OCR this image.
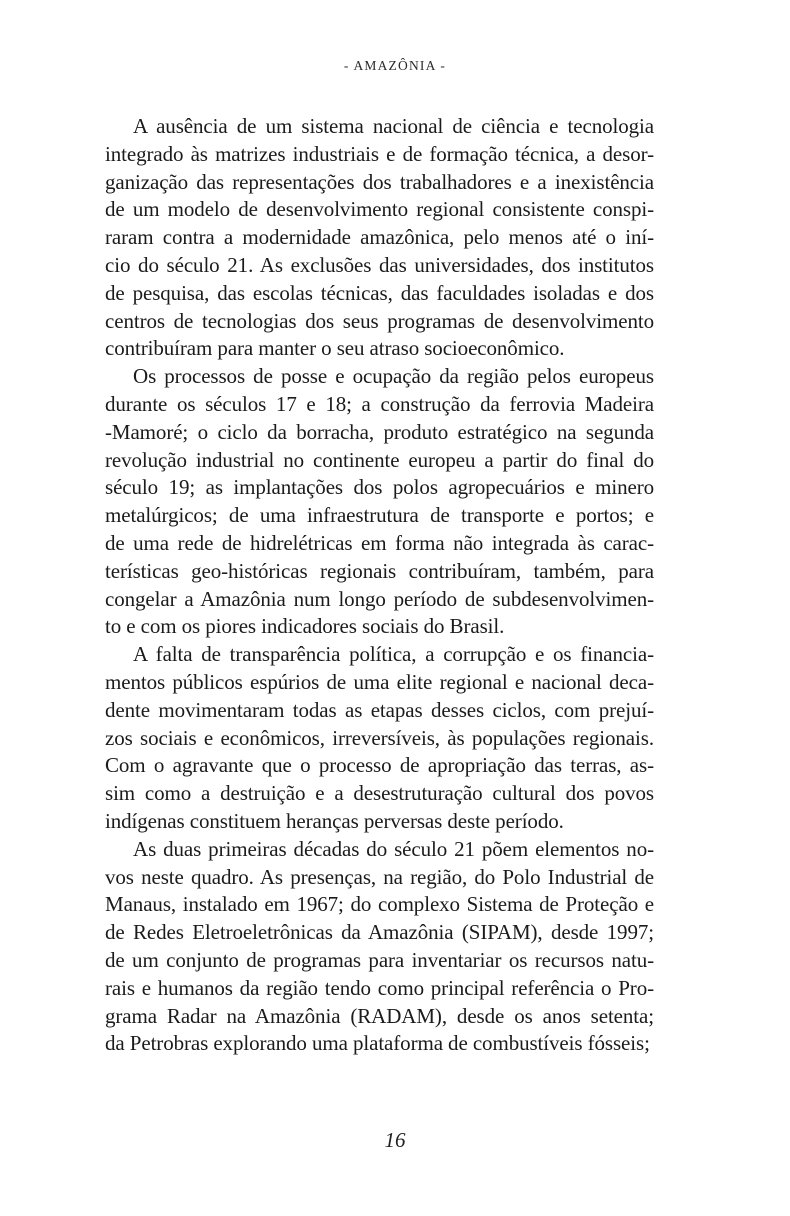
- AMAZÔNIA -
A ausência de um sistema nacional de ciência e tecnologia
integrado às matrizes industriais e de formação técnica, a desor-
ganização das representações dos trabalhadores e a inexistência
de um modelo de desenvolvimento regional consistente conspi-
raram contra a modernidade amazônica, pelo menos até o iní-
cio do século 21. As exclusões das universidades, dos institutos
de pesquisa, das escolas técnicas, das faculdades isoladas e dos
centros de tecnologias dos seus programas de desenvolvimento
contribuíram para manter o seu atraso socioeconômico.
Os processos de posse e ocupação da região pelos europeus
durante os séculos 17 e 18; a construção da ferrovia Madeira
-Mamoré; o ciclo da borracha, produto estratégico na segunda
revolução industrial no continente europeu a partir do final do
século 19; as implantações dos polos agropecuários e minero
metalúrgicos; de uma infraestrutura de transporte e portos; e
de uma rede de hidrelétricas em forma não integrada às carac-
terísticas geo-históricas regionais contribuíram, também, para
congelar a Amazônia num longo período de subdesenvolvimen-
to e com os piores indicadores sociais do Brasil.
A falta de transparência política, a corrupção e os financia-
mentos públicos espúrios de uma elite regional e nacional deca-
dente movimentaram todas as etapas desses ciclos, com prejuí-
zos sociais e econômicos, irreversíveis, às populações regionais.
Com o agravante que o processo de apropriação das terras, as-
sim como a destruição e a desestruturação cultural dos povos
indígenas constituem heranças perversas deste período.
As duas primeiras décadas do século 21 põem elementos no-
vos neste quadro. As presenças, na região, do Polo Industrial de
Manaus, instalado em 1967; do complexo Sistema de Proteção e
de Redes Eletroeletrônicas da Amazônia (SIPAM), desde 1997;
de um conjunto de programas para inventariar os recursos natu-
rais e humanos da região tendo como principal referência o Pro-
grama Radar na Amazônia (RADAM), desde os anos setenta;
da Petrobras explorando uma plataforma de combustíveis fósseis;
16
